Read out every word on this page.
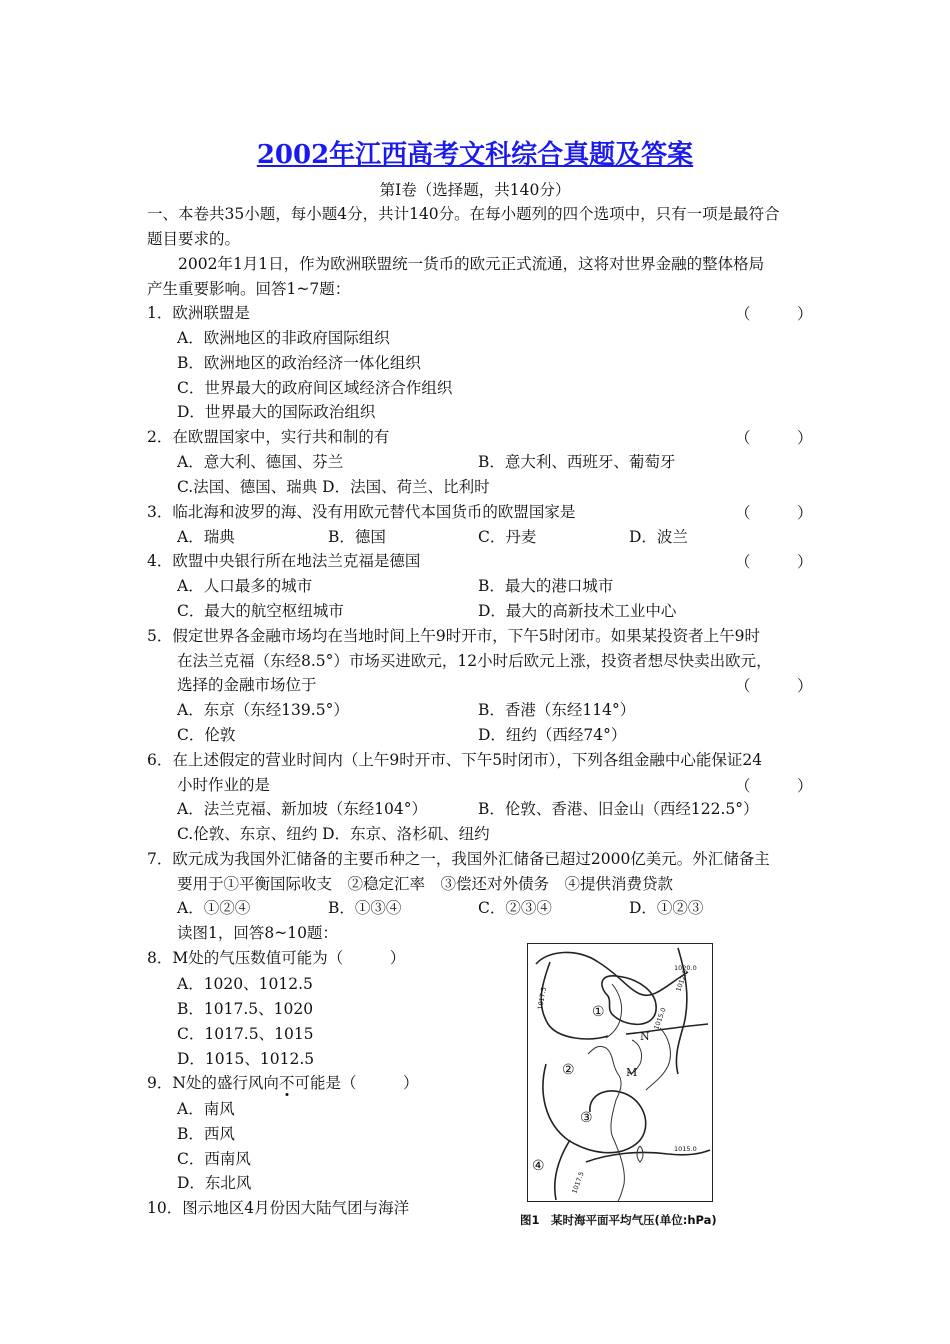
2002年江西高考文科综合真题及答案
第Ⅰ卷（选择题，共140分）
一、本卷共35小题，每小题4分，共计140分。在每小题列的四个选项中，只有一项是最符合
题目要求的。
2002年1月1日，作为欧洲联盟统一货币的欧元正式流通，这将对世界金融的整体格局
产生重要影响。回答1~7题：
1．欧洲联盟是	（　　　）
A．欧洲地区的非政府国际组织
B．欧洲地区的政治经济一体化组织
C．世界最大的政府间区域经济合作组织
D．世界最大的国际政治组织
2．在欧盟国家中，实行共和制的有	（　　　）
A．意大利、德国、芬兰	B．意大利、西班牙、葡萄牙
C.法国、德国、瑞典 D．法国、荷兰、比利时
3．临北海和波罗的海、没有用欧元替代本国货币的欧盟国家是	（　　　）
A．瑞典	B．德国	C．丹麦	D．波兰
4．欧盟中央银行所在地法兰克福是德国	（　　　）
A．人口最多的城市	B．最大的港口城市
C．最大的航空枢纽城市	D．最大的高新技术工业中心
5．假定世界各金融市场均在当地时间上午9时开市，下午5时闭市。如果某投资者上午9时
在法兰克福（东经8.5°）市场买进欧元，12小时后欧元上涨，投资者想尽快卖出欧元，
选择的金融市场位于	（　　　）
A．东京（东经139.5°）	B．香港（东经114°）
C．伦敦	D．纽约（西经74°）
6．在上述假定的营业时间内（上午9时开市、下午5时闭市），下列各组金融中心能保证24
小时作业的是	（　　　）
A．法兰克福、新加坡（东经104°）	B．伦敦、香港、旧金山（西经122.5°）
C.伦敦、东京、纽约 D．东京、洛杉矶、纽约
7．欧元成为我国外汇储备的主要币种之一，我国外汇储备已超过2000亿美元。外汇储备主
要用于①平衡国际收支　②稳定汇率　③偿还对外债务　④提供消费贷款
A．①②④	B．①③④	C．②③④	D．①②③
读图1，回答8~10题：
8．M处的气压数值可能为（　　　）
A．1020、1012.5
B．1017.5、1020
C．1017.5、1015
D．1015、1012.5
9．N处的盛行风向不可能是（　　　）
A．南风
B．西风
C．西南风
D．东北风
10．图示地区4月份因大陆气团与海洋
①
②
③
④
M
N
1020.0
1012.5
1015.0
1017.5
1015.0
1017.5
图1　某时海平面平均气压(单位:hPa)
